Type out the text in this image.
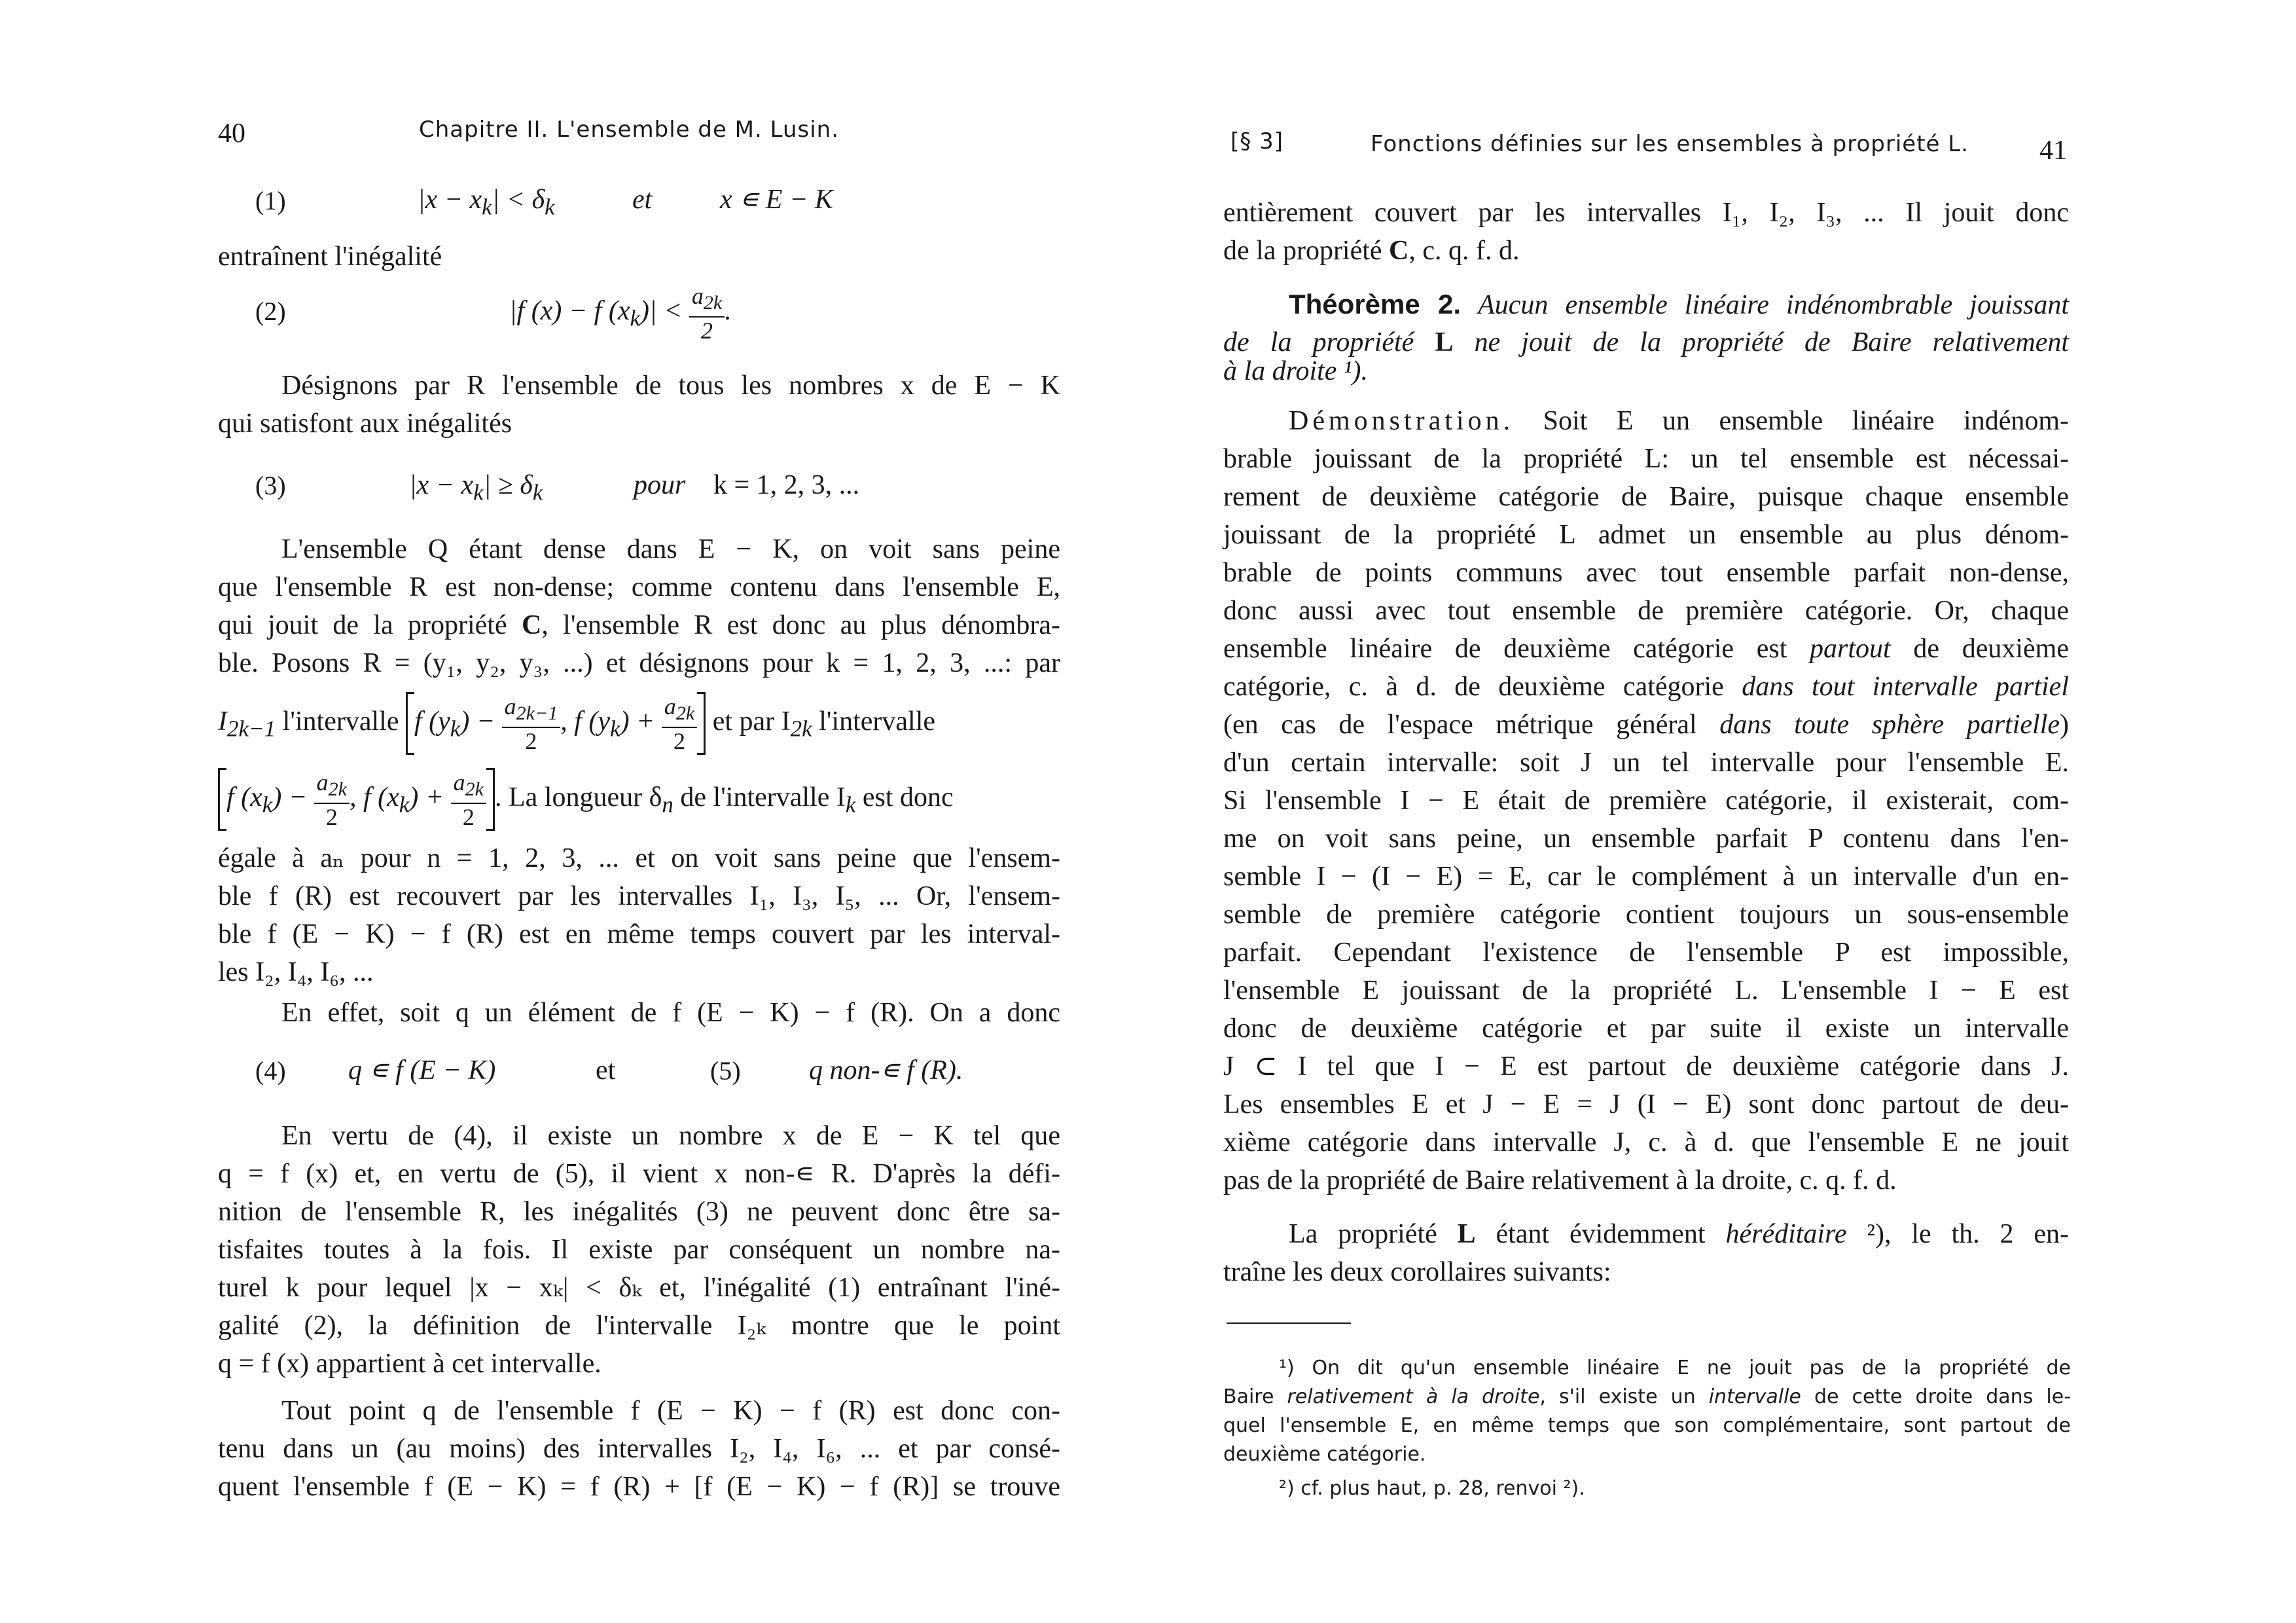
40	Chapitre II. L'ensemble de M. Lusin.
(1)	$|x - x_k| < \delta_k$	et x ∊ E − K
entraînent l'inégalité
(2)	|f (x) − f $(x_k)| < \frac{a_{2k}}{2}$ .
Désignons par R l'ensemble de tous les nombres x de E − K
qui satisfont aux inégalités
(3)	$|x - x_k| \ge \delta_k$	pour k = 1, 2, 3, ...
L'ensemble Q étant dense dans E − K, on voit sans peine
que l'ensemble R est non-dense; comme contenu dans l'ensemble E,
qui jouit de la propriété C, l'ensemble R est donc au plus dénombra-
ble. Posons R = (y₁, y₂, y₃, ...) et désignons pour k = 1, 2, 3, ...: par
$I_{2k-1}$ l'intervalle f $(y_k) - \frac{a_{2k-1}}{2}$ , f $(y_k) + \frac{a_{2k}}{2}$ et par $I_{2k}$ l'intervalle
f $(x_k) - \frac{a_{2k}}{2}$ , f $(x_k) + \frac{a_{2k}}{2}$ . La longueur $\delta_n$ de l'intervalle $I_k$ est donc
égale à aₙ pour n = 1, 2, 3, ... et on voit sans peine que l'ensem-
ble f (R) est recouvert par les intervalles I₁, I₃, I₅, ... Or, l'ensem-
ble f (E − K) − f (R) est en même temps couvert par les interval-
les I₂, I₄, I₆, ...
En effet, soit q un élément de f (E − K) − f (R). On a donc
(4) q ∊ f (E − K)	et	(5) q non-∊ f (R).
En vertu de (4), il existe un nombre x de E − K tel que
q = f (x) et, en vertu de (5), il vient x non-∊ R. D'après la défi-
nition de l'ensemble R, les inégalités (3) ne peuvent donc être sa-
tisfaites toutes à la fois. Il existe par conséquent un nombre na-
turel k pour lequel |x − xₖ| < δₖ et, l'inégalité (1) entraînant l'iné-
galité (2), la définition de l'intervalle I₂ₖ montre que le point
q = f (x) appartient à cet intervalle.
Tout point q de l'ensemble f (E − K) − f (R) est donc con-
tenu dans un (au moins) des intervalles I₂, I₄, I₆, ... et par consé-
quent l'ensemble f (E − K) = f (R) + [f (E − K) − f (R)] se trouve
[§ 3]	Fonctions définies sur les ensembles à propriété L.	41
entièrement couvert par les intervalles I₁, I₂, I₃, ... Il jouit donc
de la propriété C, c. q. f. d.
Théorème 2. Aucun ensemble linéaire indénombrable jouissant
de la propriété L ne jouit de la propriété de Baire relativement
à la droite ¹).
Démonstration. Soit E un ensemble linéaire indénom-
brable jouissant de la propriété L: un tel ensemble est nécessai-
rement de deuxième catégorie de Baire, puisque chaque ensemble
jouissant de la propriété L admet un ensemble au plus dénom-
brable de points communs avec tout ensemble parfait non-dense,
donc aussi avec tout ensemble de première catégorie. Or, chaque
ensemble linéaire de deuxième catégorie est partout de deuxième
catégorie, c. à d. de deuxième catégorie dans tout intervalle partiel
(en cas de l'espace métrique général dans toute sphère partielle)
d'un certain intervalle: soit J un tel intervalle pour l'ensemble E.
Si l'ensemble I − E était de première catégorie, il existerait, com-
me on voit sans peine, un ensemble parfait P contenu dans l'en-
semble I − (I − E) = E, car le complément à un intervalle d'un en-
semble de première catégorie contient toujours un sous-ensemble
parfait. Cependant l'existence de l'ensemble P est impossible,
l'ensemble E jouissant de la propriété L. L'ensemble I − E est
donc de deuxième catégorie et par suite il existe un intervalle
J ⊂ I tel que I − E est partout de deuxième catégorie dans J.
Les ensembles E et J − E = J (I − E) sont donc partout de deu-
xième catégorie dans intervalle J, c. à d. que l'ensemble E ne jouit
pas de la propriété de Baire relativement à la droite, c. q. f. d.
La propriété L étant évidemment héréditaire ²), le th. 2 en-
traîne les deux corollaires suivants:
¹) On dit qu'un ensemble linéaire E ne jouit pas de la propriété de
Baire relativement à la droite, s'il existe un intervalle de cette droite dans le-
quel l'ensemble E, en même temps que son complémentaire, sont partout de
deuxième catégorie.
²) cf. plus haut, p. 28, renvoi ²).
